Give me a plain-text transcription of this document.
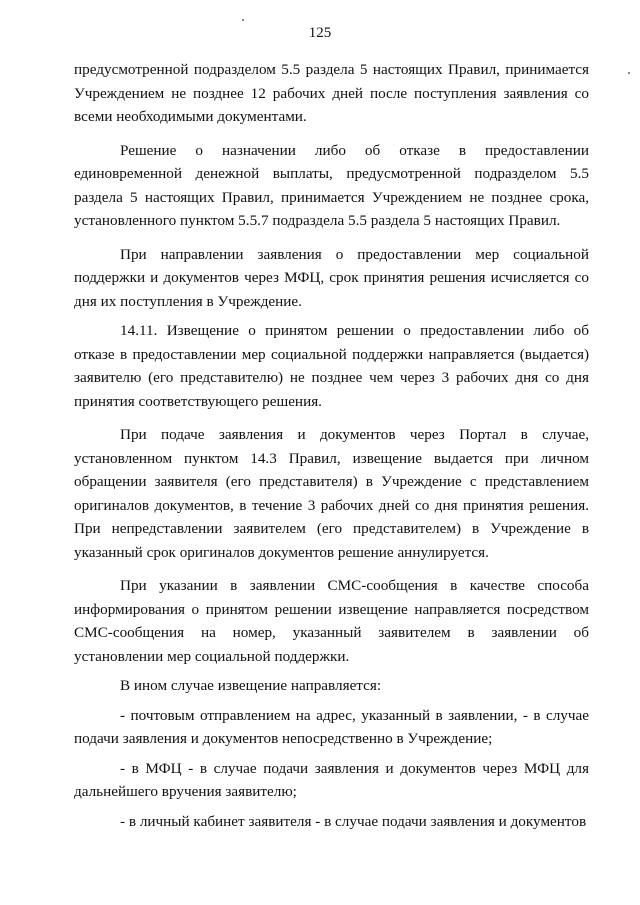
125

предусмотренной подразделом 5.5 раздела 5 настоящих Правил, принимается Учреждением не позднее 12 рабочих дней после поступления заявления со всеми необходимыми документами.

Решение о назначении либо об отказе в предоставлении единовременной денежной выплаты, предусмотренной подразделом 5.5 раздела 5 настоящих Правил, принимается Учреждением не позднее срока, установленного пунктом 5.5.7 подраздела 5.5 раздела 5 настоящих Правил.

При направлении заявления о предоставлении мер социальной поддержки и документов через МФЦ, срок принятия решения исчисляется со дня их поступления в Учреждение.

14.11. Извещение о принятом решении о предоставлении либо об отказе в предоставлении мер социальной поддержки направляется (выдается) заявителю (его представителю) не позднее чем через 3 рабочих дня со дня принятия соответствующего решения.

При подаче заявления и документов через Портал в случае, установленном пунктом 14.3 Правил, извещение выдается при личном обращении заявителя (его представителя) в Учреждение с представлением оригиналов документов, в течение 3 рабочих дней со дня принятия решения. При непредставлении заявителем (его представителем) в Учреждение в указанный срок оригиналов документов решение аннулируется.

При указании в заявлении СМС-сообщения в качестве способа информирования о принятом решении извещение направляется посредством СМС-сообщения на номер, указанный заявителем в заявлении об установлении мер социальной поддержки.

В ином случае извещение направляется:

- почтовым отправлением на адрес, указанный в заявлении, - в случае подачи заявления и документов непосредственно в Учреждение;

- в МФЦ - в случае подачи заявления и документов через МФЦ для дальнейшего вручения заявителю;

- в личный кабинет заявителя - в случае подачи заявления и документов
